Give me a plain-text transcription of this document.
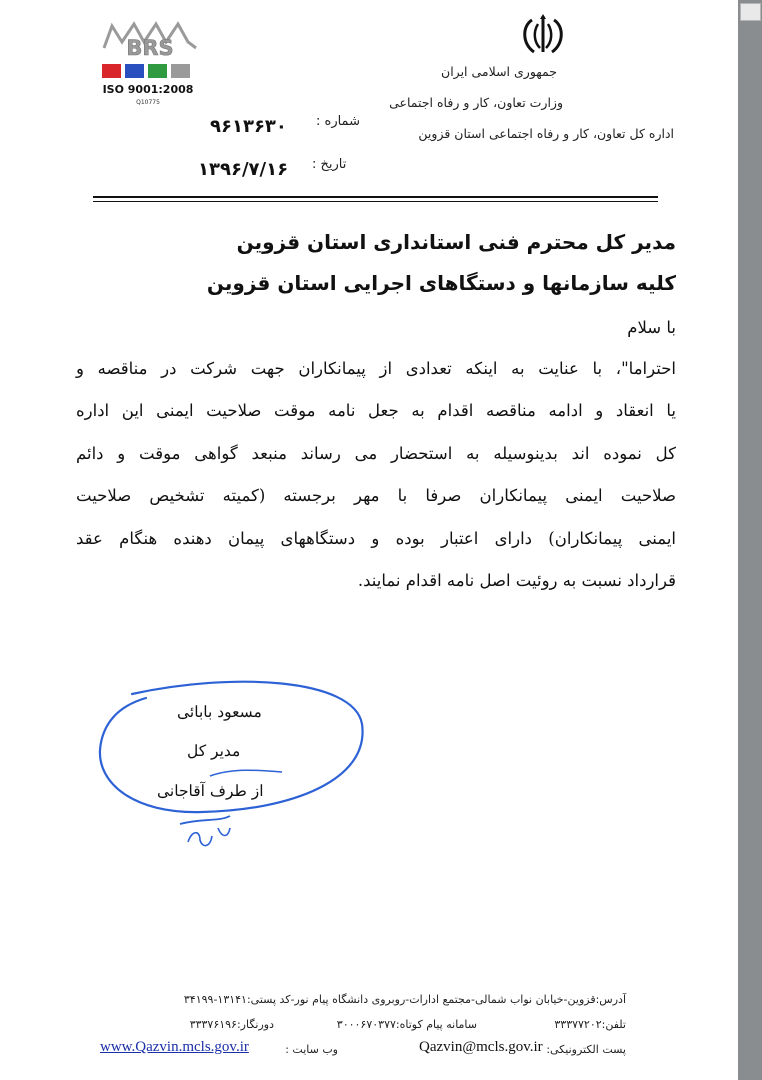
BRS
ISO 9001:2008
Q10775
جمهوری اسلامی ایران
وزارت تعاون، کار و رفاه اجتماعی
اداره کل تعاون، کار و رفاه اجتماعی استان قزوین
شماره :
۹۶۱۳۶۳۰
تاریخ :
۱۳۹۶/۷/۱۶
مدیر کل محترم فنی استانداری استان قزوین
کلیه سازمانها و دستگاهای اجرایی استان قزوین
با سلام
احتراما"، با عنایت به اینکه تعدادی از پیمانکاران جهت شرکت در مناقصه و
یا انعقاد و ادامه مناقصه اقدام به جعل نامه موقت صلاحیت ایمنی این اداره
کل نموده اند بدینوسیله به استحضار می رساند منبعد گواهی موقت و دائم
صلاحیت ایمنی پیمانکاران صرفا با مهر برجسته (کمیته تشخیص صلاحیت
ایمنی پیمانکاران) دارای اعتبار بوده و دستگاههای پیمان دهنده هنگام عقد
قرارداد نسبت به روئیت اصل نامه اقدام نمایند.
مسعود بابائی
مدیر کل
از طرف آقاجانی
آدرس:قزوین-خیابان نواب شمالی-مجتمع ادارات-روبروی دانشگاه پیام نور-کد پستی:۱۳۱۴۱-۳۴۱۹۹
تلفن:۳۳۳۷۷۲۰۲
سامانه پیام کوتاه:۳۰۰۰۶۷۰۳۷۷
دورنگار:۳۳۳۷۶۱۹۶
پست الکترونیکی:
Qazvin@mcls.gov.ir
وب سایت :
www.Qazvin.mcls.gov.ir
